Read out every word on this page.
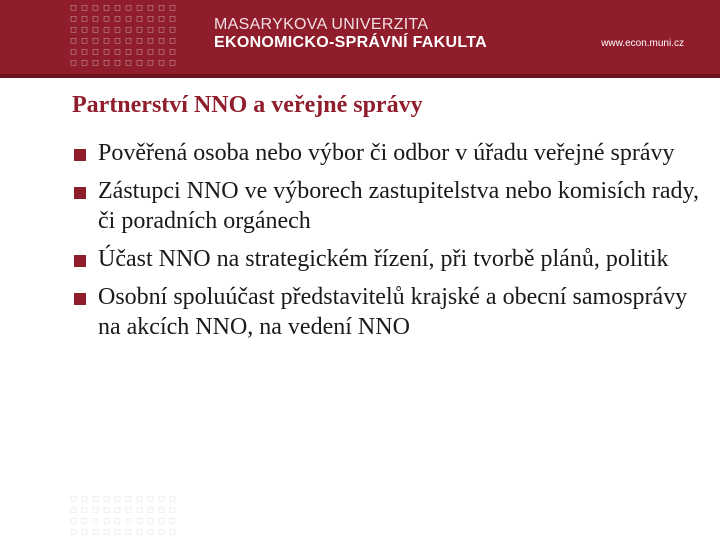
□ □ □ □ □ □ □ □ □ □
□ □ □ □ □ □ □ □ □ □
□ □ □ □ □ □ □ □ □ □
□ □ □ □ □ □ □ □ □ □
□ □ □ □ □ □ □ □ □ □
□ □ □ □ □ □ □ □ □ □
MASARYKOVA UNIVERZITA
EKONOMICKO-SPRÁVNÍ FAKULTA	www.econ.muni.cz
Partnerství NNO a veřejné správy
Pověřená osoba nebo výbor či odbor v úřadu veřejné správy
Zástupci NNO ve výborech zastupitelstva nebo komisích rady, či poradních orgánech
Účast NNO na strategickém řízení, při tvorbě plánů, politik
Osobní spoluúčast představitelů krajské a obecní samosprávy na akcích NNO, na vedení NNO
□ □ □ □ □ □ □ □ □ □
□ □ □ □ □ □ □ □ □ □
□ □ □ □ □ □ □ □ □ □
□ □ □ □ □ □ □ □ □ □
